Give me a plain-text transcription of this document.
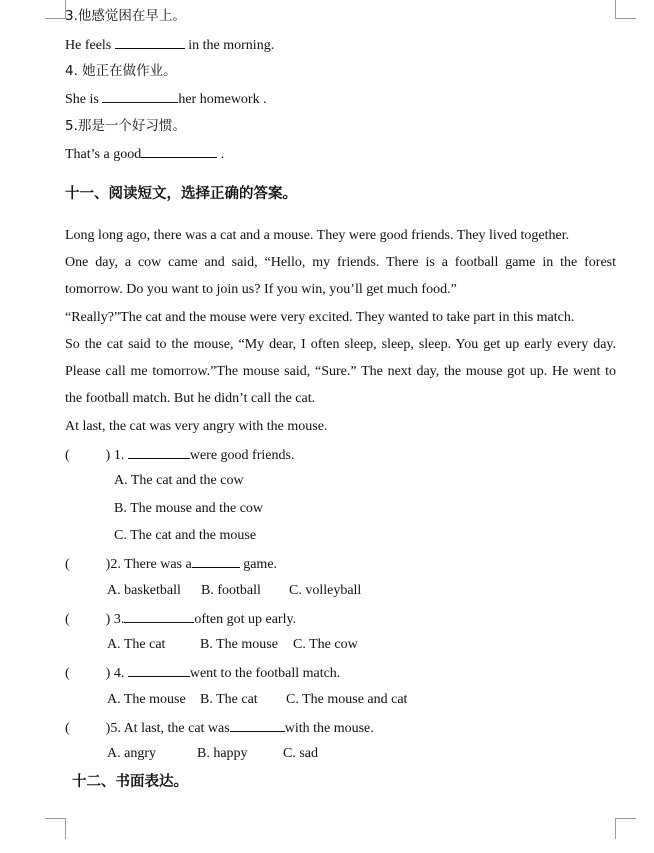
3.他感觉困在早上。
He feels	in the morning.
4. 她正在做作业。
She is	her homework .
5.那是一个好习惯。
That’s a good	.
十一、阅读短文，选择正确的答案。
Long long ago, there was a cat and a mouse. They were good friends. They lived together.
One day, a cow came and said, “Hello, my friends. There is a football game in the forest
tomorrow. Do you want to join us? If you win, you’ll get much food.”
“Really?”The cat and the mouse were very excited. They wanted to take part in this match.
So the cat said to the mouse, “My dear, I often sleep, sleep, sleep. You get up early every day.
Please call me tomorrow.”The mouse said, “Sure.” The next day, the mouse got up. He went to
the football match. But he didn’t call the cat.
At last, the cat was very angry with the mouse.
(	) 1.	were good friends.
A. The cat and the cow
B. The mouse and the cow
C. The cat and the mouse
(	)2. There was a	game.
A. basketball B. football C. volleyball
(	) 3.	often got up early.
A. The cat B. The mouse C. The cow
(	) 4.	went to the football match.
A. The mouse B. The cat C. The mouse and cat
(	)5. At last, the cat was	with the mouse.
A. angry	B. happy	C. sad
十二、书面表达。
